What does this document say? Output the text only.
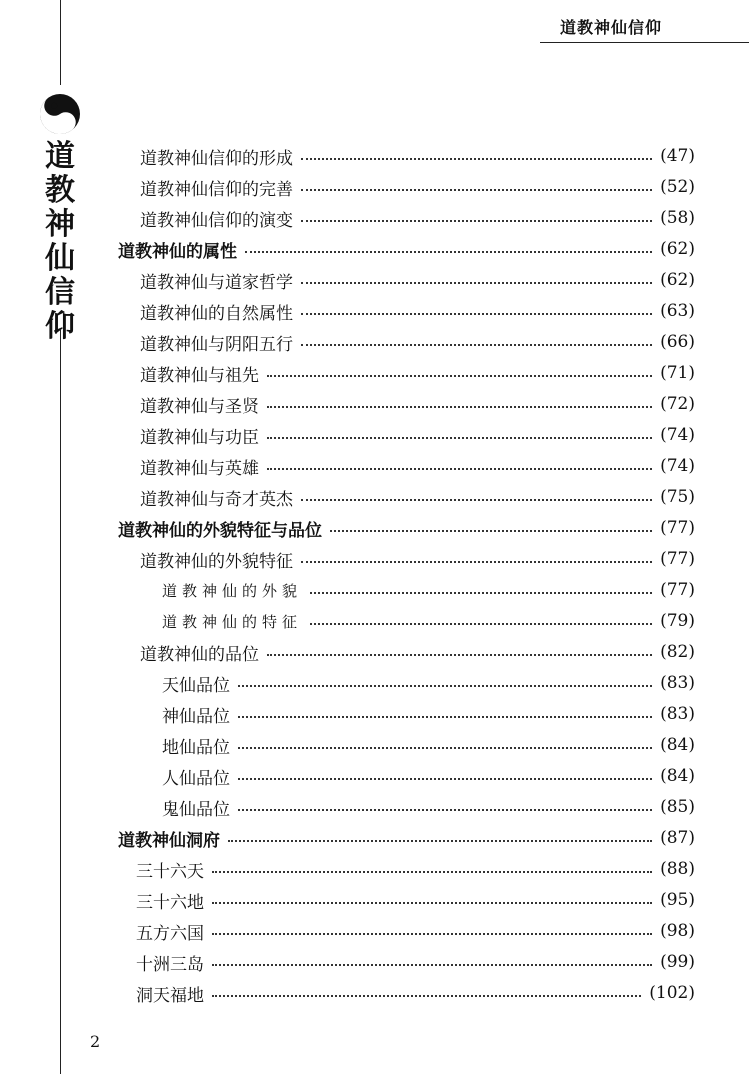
道教神仙信仰
道
教
神
仙
信
仰
道教神仙信仰的形成	(47)
道教神仙信仰的完善	(52)
道教神仙信仰的演变	(58)
道教神仙的属性	(62)
道教神仙与道家哲学	(62)
道教神仙的自然属性	(63)
道教神仙与阴阳五行	(66)
道教神仙与祖先	(71)
道教神仙与圣贤	(72)
道教神仙与功臣	(74)
道教神仙与英雄	(74)
道教神仙与奇才英杰	(75)
道教神仙的外貌特征与品位	(77)
道教神仙的外貌特征	(77)
道教神仙的外貌	(77)
道教神仙的特征	(79)
道教神仙的品位	(82)
天仙品位	(83)
神仙品位	(83)
地仙品位	(84)
人仙品位	(84)
鬼仙品位	(85)
道教神仙洞府	(87)
三十六天	(88)
三十六地	(95)
五方六国	(98)
十洲三岛	(99)
洞天福地	(102)
2
